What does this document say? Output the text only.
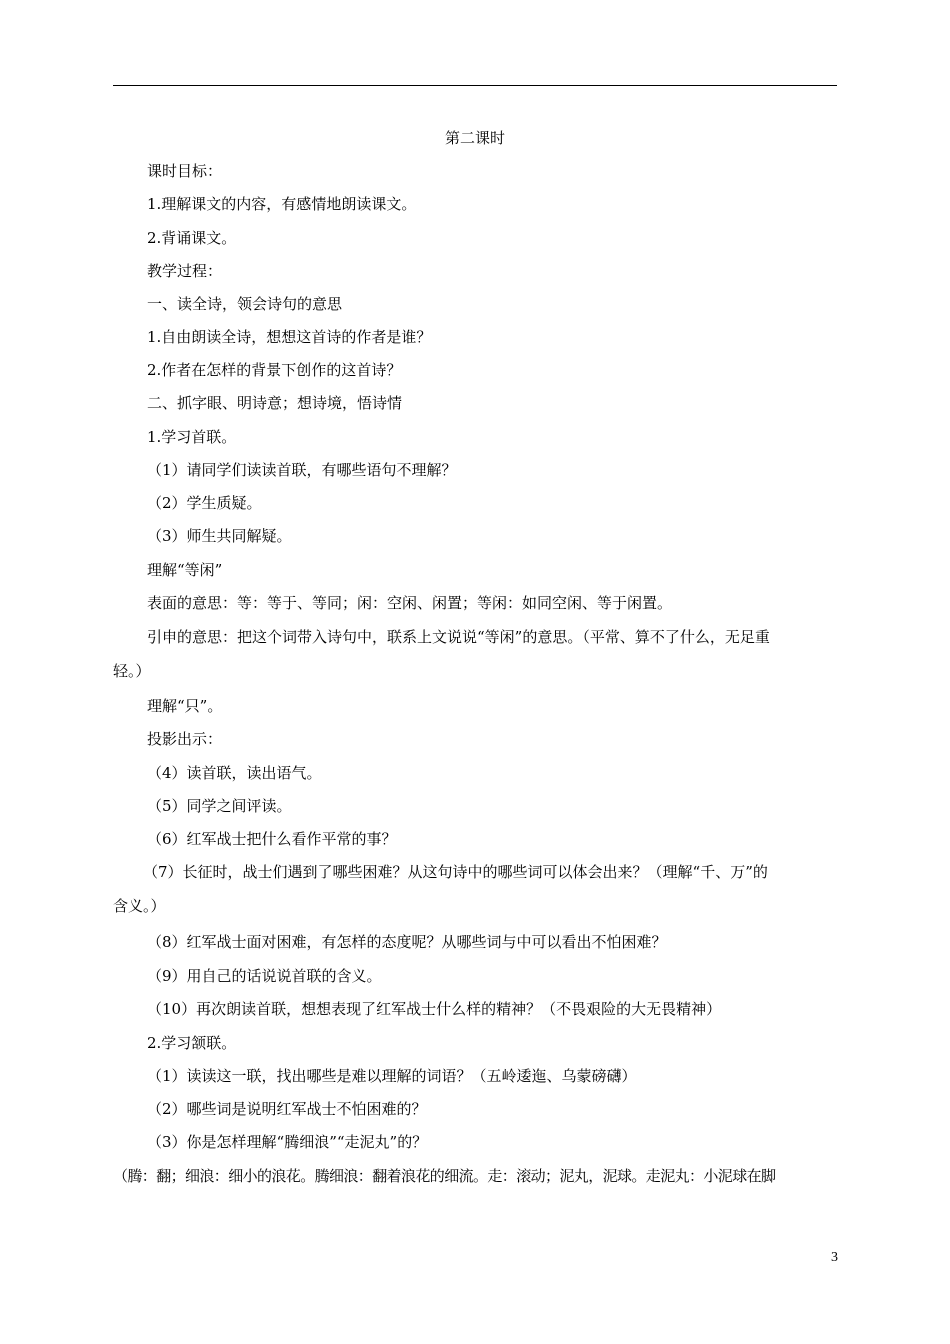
第二课时
课时目标：
1.理解课文的内容，有感情地朗读课文。
2.背诵课文。
教学过程：
一、读全诗，领会诗句的意思
1.自由朗读全诗，想想这首诗的作者是谁？
2.作者在怎样的背景下创作的这首诗？
二、抓字眼、明诗意；想诗境，悟诗情
1.学习首联。
（1）请同学们读读首联，有哪些语句不理解？
（2）学生质疑。
（3）师生共同解疑。
理解“等闲”
表面的意思：等：等于、等同；闲：空闲、闲置；等闲：如同空闲、等于闲置。
引申的意思：把这个词带入诗句中，联系上文说说“等闲”的意思。（平常、算不了什么，无足重
轻。）
理解“只”。
投影出示：
（4）读首联，读出语气。
（5）同学之间评读。
（6）红军战士把什么看作平常的事？
（7）长征时，战士们遇到了哪些困难？从这句诗中的哪些词可以体会出来？（理解“千、万”的
含义。）
（8）红军战士面对困难，有怎样的态度呢？从哪些词与中可以看出不怕困难？
（9）用自己的话说说首联的含义。
（10）再次朗读首联，想想表现了红军战士什么样的精神？（不畏艰险的大无畏精神）
2.学习颔联。
（1）读读这一联，找出哪些是难以理解的词语？（五岭逶迤、乌蒙磅礴）
（2）哪些词是说明红军战士不怕困难的？
（3）你是怎样理解“腾细浪”“走泥丸”的？
（腾：翻；细浪：细小的浪花。腾细浪：翻着浪花的细流。走：滚动；泥丸，泥球。走泥丸：小泥球在脚
3
